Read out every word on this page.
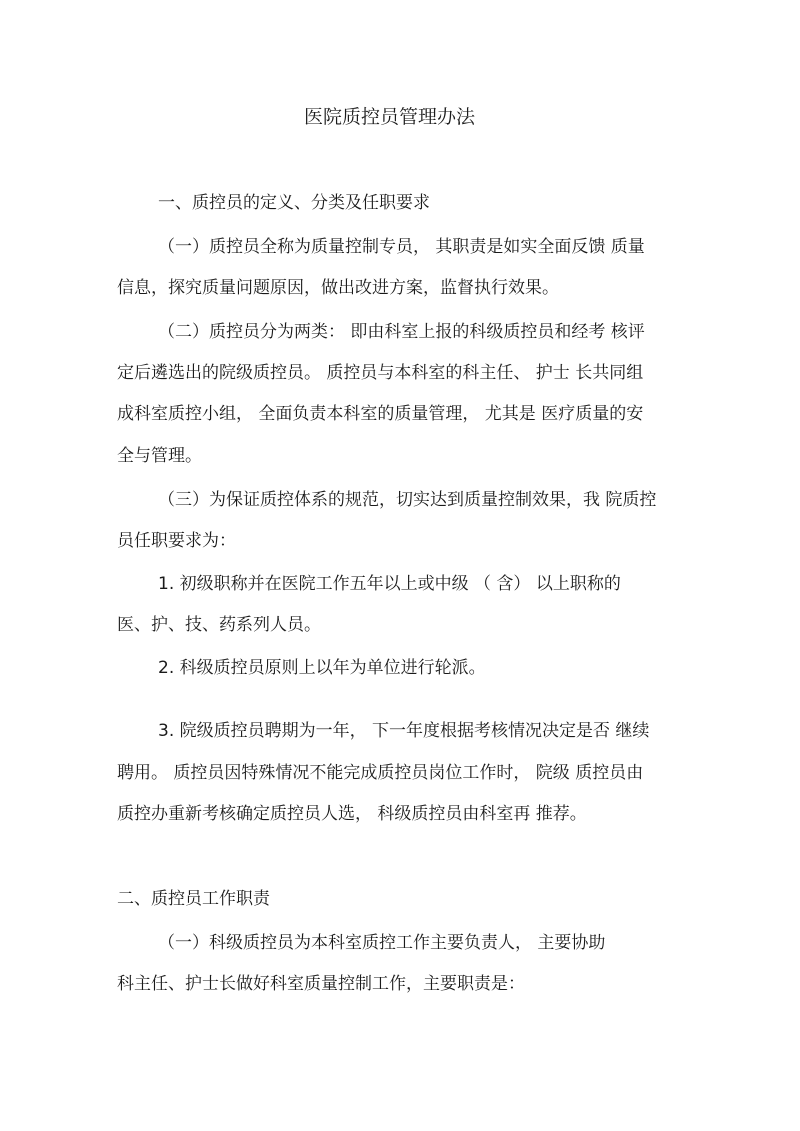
医院质控员管理办法
一、质控员的定义、分类及任职要求
（一）质控员全称为质量控制专员， 其职责是如实全面反馈 质量
信息，探究质量问题原因，做出改进方案，监督执行效果。
（二）质控员分为两类： 即由科室上报的科级质控员和经考 核评
定后遴选出的院级质控员。 质控员与本科室的科主任、 护士 长共同组
成科室质控小组， 全面负责本科室的质量管理， 尤其是 医疗质量的安
全与管理。
（三）为保证质控体系的规范，切实达到质量控制效果，我 院质控
员任职要求为：
1. 初级职称并在医院工作五年以上或中级 （ 含） 以上职称的
医、护、技、药系列人员。
2. 科级质控员原则上以年为单位进行轮派。
3. 院级质控员聘期为一年， 下一年度根据考核情况决定是否 继续
聘用。 质控员因特殊情况不能完成质控员岗位工作时， 院级 质控员由
质控办重新考核确定质控员人选， 科级质控员由科室再 推荐。
二、质控员工作职责
（一）科级质控员为本科室质控工作主要负责人， 主要协助
科主任、护士长做好科室质量控制工作，主要职责是：
